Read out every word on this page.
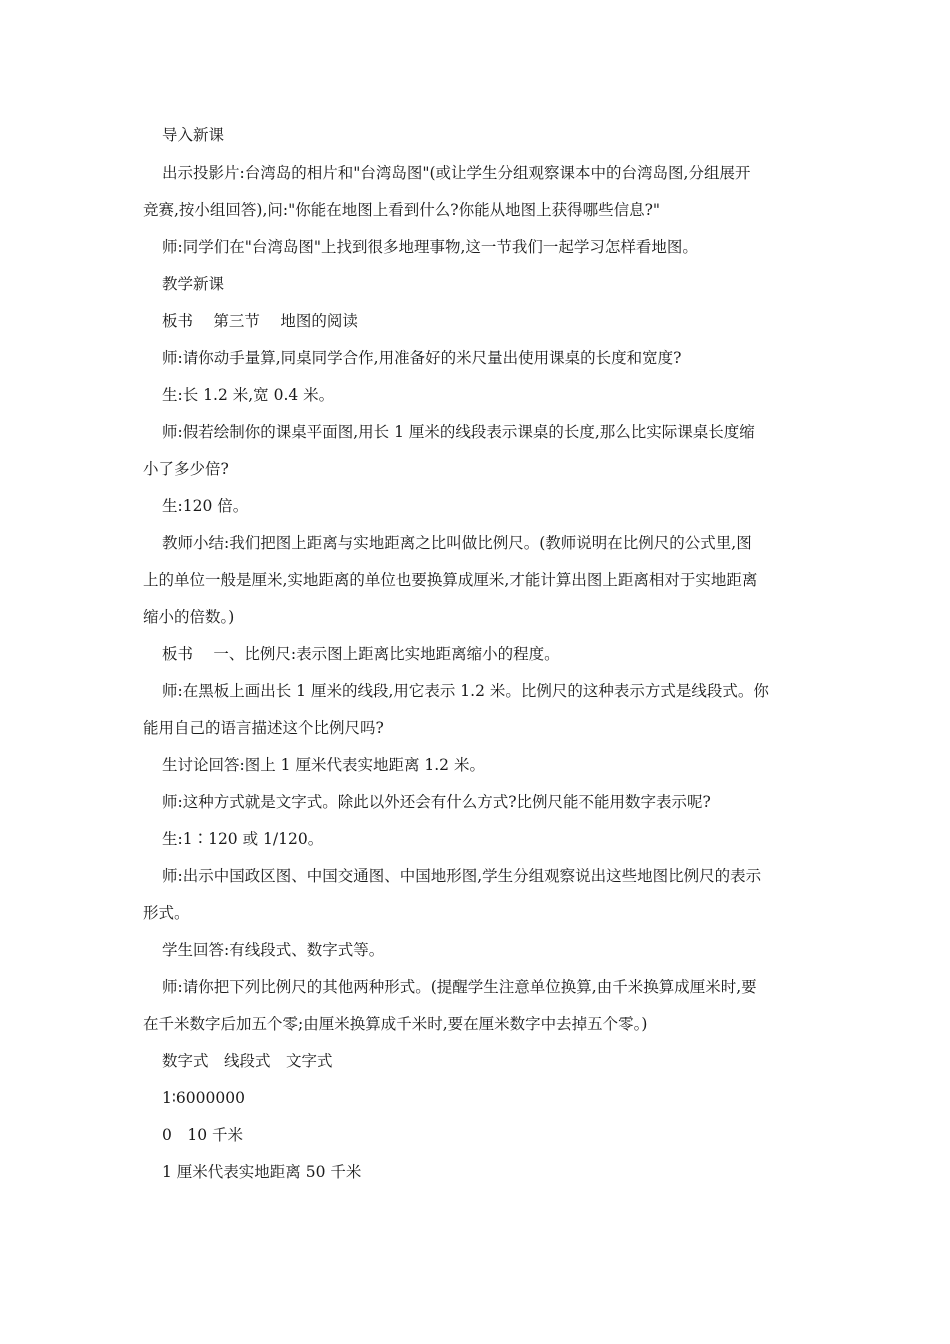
导入新课

出示投影片:台湾岛的相片和"台湾岛图"(或让学生分组观察课本中的台湾岛图,分组展开

竞赛,按小组回答),问:"你能在地图上看到什么?你能从地图上获得哪些信息?"

师:同学们在"台湾岛图"上找到很多地理事物,这一节我们一起学习怎样看地图。

教学新课

板书　 第三节　 地图的阅读

师:请你动手量算,同桌同学合作,用准备好的米尺量出使用课桌的长度和宽度?

生:长 1.2 米,宽 0.4 米。

师:假若绘制你的课桌平面图,用长 1 厘米的线段表示课桌的长度,那么比实际课桌长度缩

小了多少倍?

生:120 倍。

教师小结:我们把图上距离与实地距离之比叫做比例尺。(教师说明在比例尺的公式里,图

上的单位一般是厘米,实地距离的单位也要换算成厘米,才能计算出图上距离相对于实地距离

缩小的倍数。)

板书　 一、比例尺:表示图上距离比实地距离缩小的程度。

师:在黑板上画出长 1 厘米的线段,用它表示 1.2 米。比例尺的这种表示方式是线段式。你

能用自己的语言描述这个比例尺吗?

生讨论回答:图上 1 厘米代表实地距离 1.2 米。

师:这种方式就是文字式。除此以外还会有什么方式?比例尺能不能用数字表示呢?

生:1∶120 或 1/120。

师:出示中国政区图、中国交通图、中国地形图,学生分组观察说出这些地图比例尺的表示

形式。

学生回答:有线段式、数字式等。

师:请你把下列比例尺的其他两种形式。(提醒学生注意单位换算,由千米换算成厘米时,要

在千米数字后加五个零;由厘米换算成千米时,要在厘米数字中去掉五个零。)

数字式　线段式　文字式

1∶6000000

0　10 千米

1 厘米代表实地距离 50 千米
